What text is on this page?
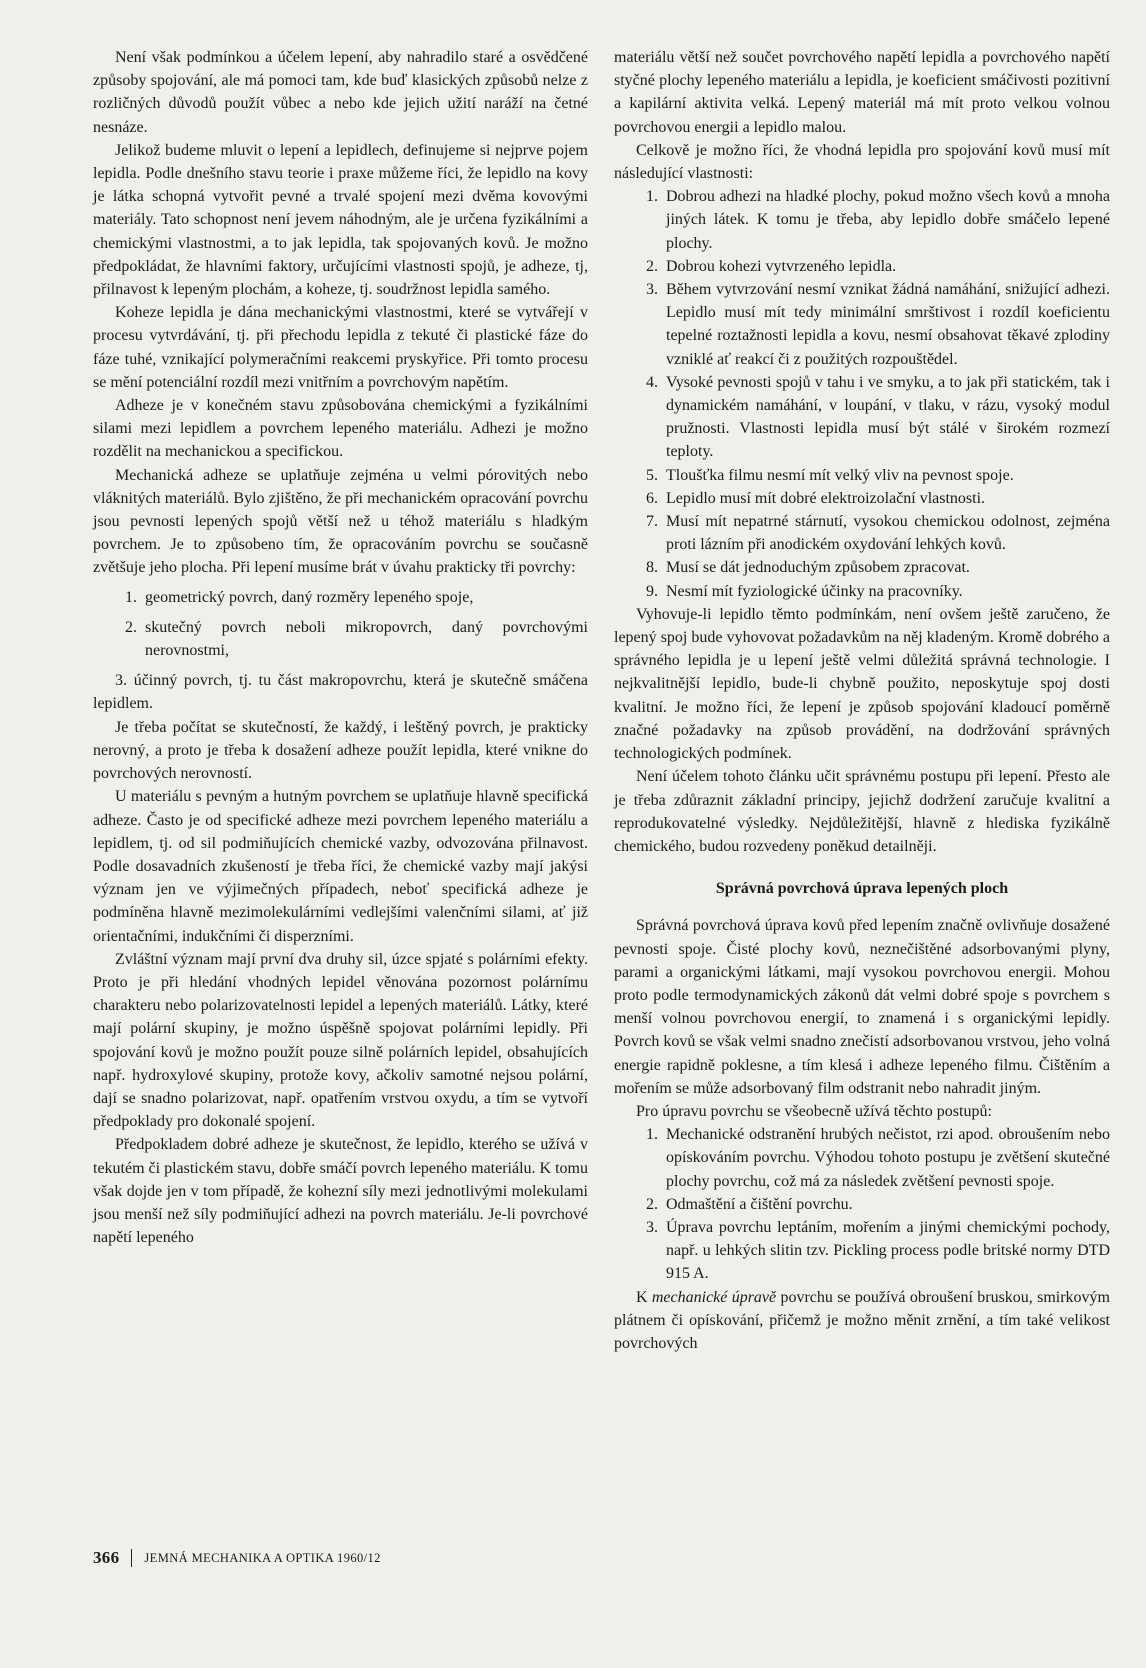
Není však podmínkou a účelem lepení, aby nahradilo staré a osvědčené způsoby spojování, ale má pomoci tam, kde buď klasických způsobů nelze z rozličných důvodů použít vůbec a nebo kde jejich užití naráží na četné nesnáze.

Jelikož budeme mluvit o lepení a lepidlech, definujeme si nejprve pojem lepidla. Podle dnešního stavu teorie i praxe můžeme říci, že lepidlo na kovy je látka schopná vytvořit pevné a trvalé spojení mezi dvěma kovovými materiály. Tato schopnost není jevem náhodným, ale je určena fyzikálními a chemickými vlastnostmi, a to jak lepidla, tak spojovaných kovů. Je možno předpokládat, že hlavními faktory, určujícími vlastnosti spojů, je adheze, tj, přilnavost k lepeným plochám, a koheze, tj. soudržnost lepidla samého.

Koheze lepidla je dána mechanickými vlastnostmi, které se vytvářejí v procesu vytvrdávání, tj. při přechodu lepidla z tekuté či plastické fáze do fáze tuhé, vznikající polymeračními reakcemi pryskyřice. Při tomto procesu se mění potenciální rozdíl mezi vnitřním a povrchovým napětím.

Adheze je v konečném stavu způsobována chemickými a fyzikálními silami mezi lepidlem a povrchem lepeného materiálu. Adhezi je možno rozdělit na mechanickou a specifickou.

Mechanická adheze se uplatňuje zejména u velmi pórovitých nebo vláknitých materiálů. Bylo zjištěno, že při mechanickém opracování povrchu jsou pevnosti lepených spojů větší než u téhož materiálu s hladkým povrchem. Je to způsobeno tím, že opracováním povrchu se současně zvětšuje jeho plocha. Při lepení musíme brát v úvahu prakticky tři povrchy:

1. geometrický povrch, daný rozměry lepeného spoje,
2. skutečný povrch neboli mikropovrch, daný povrchovými nerovnostmi,

3. účinný povrch, tj. tu část makropovrchu, která je skutečně smáčena lepidlem.

Je třeba počítat se skutečností, že každý, i leštěný povrch, je prakticky nerovný, a proto je třeba k dosažení adheze použít lepidla, které vnikne do povrchových nerovností.

U materiálu s pevným a hutným povrchem se uplatňuje hlavně specifická adheze. Často je od specifické adheze mezi povrchem lepeného materiálu a lepidlem, tj. od sil podmiňujících chemické vazby, odvozována přilnavost. Podle dosavadních zkušeností je třeba říci, že chemické vazby mají jakýsi význam jen ve výjimečných případech, neboť specifická adheze je podmíněna hlavně mezimolekulárními vedlejšími valenčními silami, ať již orientačními, indukčními či disperzními.

Zvláštní význam mají první dva druhy sil, úzce spjaté s polárními efekty. Proto je při hledání vhodných lepidel věnována pozornost polárnímu charakteru nebo polarizovatelnosti lepidel a lepených materiálů. Látky, které mají polární skupiny, je možno úspěšně spojovat polárními lepidly. Při spojování kovů je možno použít pouze silně polárních lepidel, obsahujících např. hydroxylové skupiny, protože kovy, ačkoliv samotné nejsou polární, dají se snadno polarizovat, např. opatřením vrstvou oxydu, a tím se vytvoří předpoklady pro dokonalé spojení.

Předpokladem dobré adheze je skutečnost, že lepidlo, kterého se užívá v tekutém či plastickém stavu, dobře smáčí povrch lepeného materiálu. K tomu však dojde jen v tom případě, že kohezní síly mezi jednotlivými molekulami jsou menší než síly podmiňující adhezi na povrch materiálu. Je-li povrchové napětí lepeného

materiálu větší než součet povrchového napětí lepidla a povrchového napětí styčné plochy lepeného materiálu a lepidla, je koeficient smáčivosti pozitivní a kapilární aktivita velká. Lepený materiál má mít proto velkou volnou povrchovou energii a lepidlo malou.

Celkově je možno říci, že vhodná lepidla pro spojování kovů musí mít následující vlastnosti:

1. Dobrou adhezi na hladké plochy, pokud možno všech kovů a mnoha jiných látek. K tomu je třeba, aby lepidlo dobře smáčelo lepené plochy.
2. Dobrou kohezi vytvrzeného lepidla.
3. Během vytvrzování nesmí vznikat žádná namáhání, snižující adhezi. Lepidlo musí mít tedy minimální smrštivost i rozdíl koeficientu tepelné roztažnosti lepidla a kovu, nesmí obsahovat těkavé zplodiny vzniklé ať reakcí či z použitých rozpouštědel.
4. Vysoké pevnosti spojů v tahu i ve smyku, a to jak při statickém, tak i dynamickém namáhání, v loupání, v tlaku, v rázu, vysoký modul pružnosti. Vlastnosti lepidla musí být stálé v širokém rozmezí teploty.
5. Tloušťka filmu nesmí mít velký vliv na pevnost spoje.
6. Lepidlo musí mít dobré elektroizolační vlastnosti.
7. Musí mít nepatrné stárnutí, vysokou chemickou odolnost, zejména proti lázním při anodickém oxydování lehkých kovů.
8. Musí se dát jednoduchým způsobem zpracovat.
9. Nesmí mít fyziologické účinky na pracovníky.

Vyhovuje-li lepidlo těmto podmínkám, není ovšem ještě zaručeno, že lepený spoj bude vyhovovat požadavkům na něj kladeným. Kromě dobrého a správného lepidla je u lepení ještě velmi důležitá správná technologie. I nejkvalitnější lepidlo, bude-li chybně použito, neposkytuje spoj dosti kvalitní. Je možno říci, že lepení je způsob spojování kladoucí poměrně značné požadavky na způsob provádění, na dodržování správných technologických podmínek.

Není účelem tohoto článku učit správnému postupu při lepení. Přesto ale je třeba zdůraznit základní principy, jejichž dodržení zaručuje kvalitní a reprodukovatelné výsledky. Nejdůležitější, hlavně z hlediska fyzikálně chemického, budou rozvedeny poněkud detailněji.

Správná povrchová úprava lepených ploch

Správná povrchová úprava kovů před lepením značně ovlivňuje dosažené pevnosti spoje. Čisté plochy kovů, neznečištěné adsorbovanými plyny, parami a organickými látkami, mají vysokou povrchovou energii. Mohou proto podle termodynamických zákonů dát velmi dobré spoje s povrchem s menší volnou povrchovou energií, to znamená i s organickými lepidly. Povrch kovů se však velmi snadno znečistí adsorbovanou vrstvou, jeho volná energie rapidně poklesne, a tím klesá i adheze lepeného filmu. Čištěním a mořením se může adsorbovaný film odstranit nebo nahradit jiným.

Pro úpravu povrchu se všeobecně užívá těchto postupů:

1. Mechanické odstranění hrubých nečistot, rzi apod. obroušením nebo opískováním povrchu. Výhodou tohoto postupu je zvětšení skutečné plochy povrchu, což má za následek zvětšení pevnosti spoje.
2. Odmaštění a čištění povrchu.
3. Úprava povrchu leptáním, mořením a jinými chemickými pochody, např. u lehkých slitin tzv. Pickling process podle britské normy DTD 915 A.

K mechanické úpravě povrchu se používá obroušení bruskou, smirkovým plátnem či opískování, přičemž je možno měnit zrnění, a tím také velikost povrchových

366 JEMNÁ MECHANIKA A OPTIKA 1960/12
